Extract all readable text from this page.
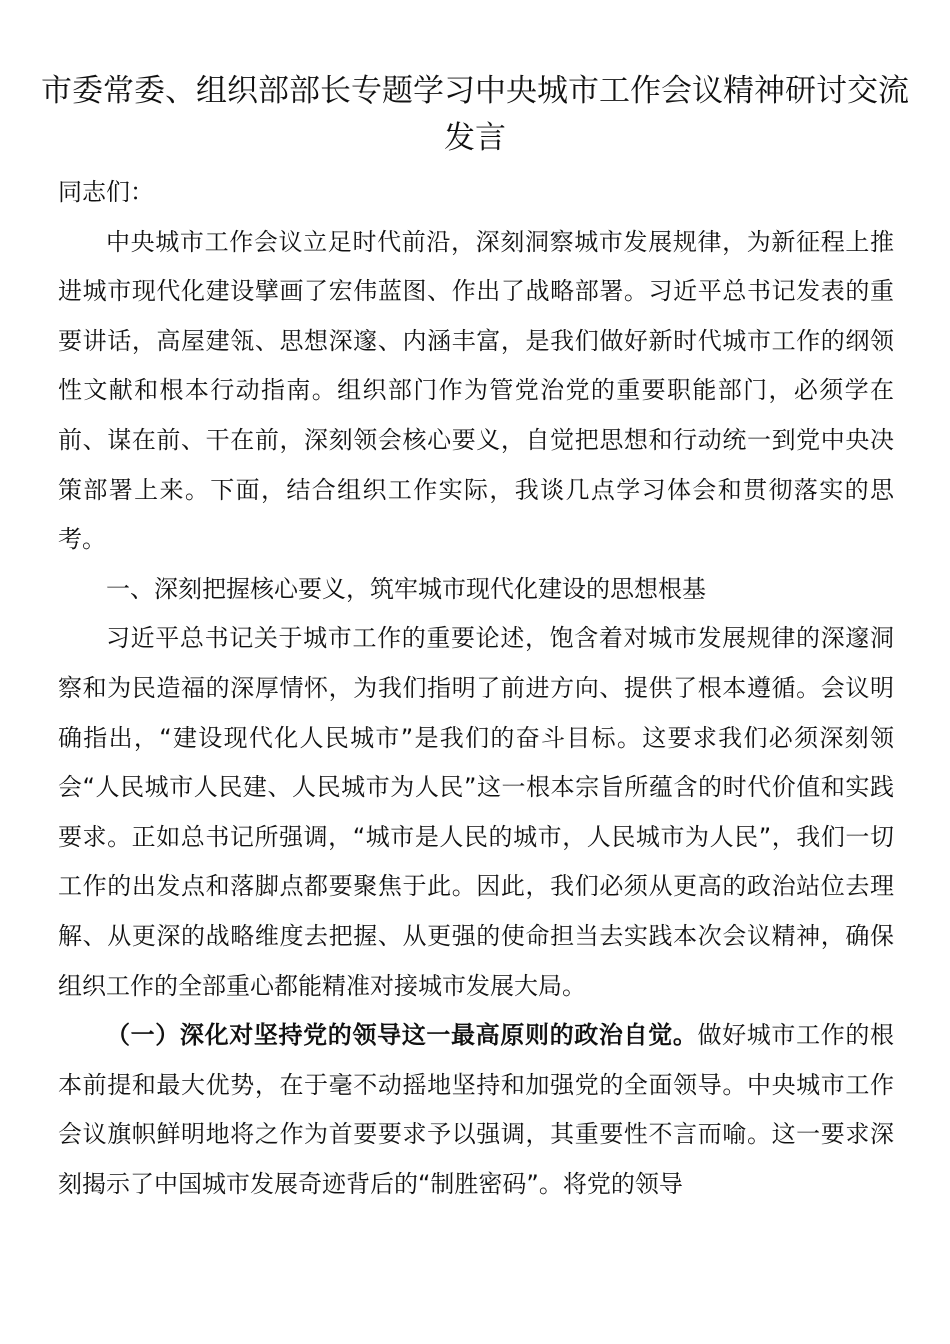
市委常委、组织部部长专题学习中央城市工作会议精神研讨交流发言

同志们：

中央城市工作会议立足时代前沿，深刻洞察城市发展规律，为新征程上推进城市现代化建设擘画了宏伟蓝图、作出了战略部署。习近平总书记发表的重要讲话，高屋建瓴、思想深邃、内涵丰富，是我们做好新时代城市工作的纲领性文献和根本行动指南。组织部门作为管党治党的重要职能部门，必须学在前、谋在前、干在前，深刻领会核心要义，自觉把思想和行动统一到党中央决策部署上来。下面，结合组织工作实际，我谈几点学习体会和贯彻落实的思考。

一、深刻把握核心要义，筑牢城市现代化建设的思想根基

习近平总书记关于城市工作的重要论述，饱含着对城市发展规律的深邃洞察和为民造福的深厚情怀，为我们指明了前进方向、提供了根本遵循。会议明确指出，“建设现代化人民城市”是我们的奋斗目标。这要求我们必须深刻领会“人民城市人民建、人民城市为人民”这一根本宗旨所蕴含的时代价值和实践要求。正如总书记所强调，“城市是人民的城市，人民城市为人民”，我们一切工作的出发点和落脚点都要聚焦于此。因此，我们必须从更高的政治站位去理解、从更深的战略维度去把握、从更强的使命担当去实践本次会议精神，确保组织工作的全部重心都能精准对接城市发展大局。

（一）深化对坚持党的领导这一最高原则的政治自觉。做好城市工作的根本前提和最大优势，在于毫不动摇地坚持和加强党的全面领导。中央城市工作会议旗帜鲜明地将之作为首要要求予以强调，其重要性不言而喻。这一要求深刻揭示了中国城市发展奇迹背后的“制胜密码”。将党的领导
